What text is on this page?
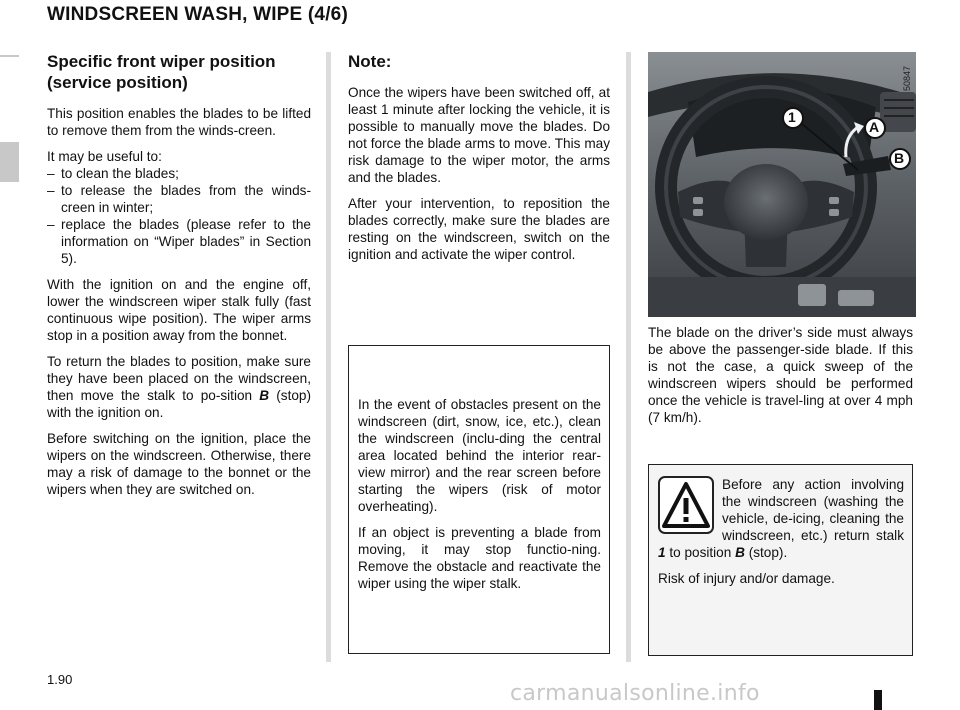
WINDSCREEN WASH, WIPE (4/6)
Specific front wiper position (service position)

This position enables the blades to be lifted to remove them from the winds-creen.

It may be useful to:

– to clean the blades;
– to release the blades from the winds-creen in winter;
– replace the blades (please refer to the information on “Wiper blades” in Section 5).

With the ignition on and the engine off, lower the windscreen wiper stalk fully (fast continuous wipe position). The wiper arms stop in a position away from the bonnet.

To return the blades to position, make sure they have been placed on the windscreen, then move the stalk to po-sition B (stop) with the ignition on.

Before switching on the ignition, place the wipers on the windscreen. Otherwise, there may a risk of damage to the bonnet or the wipers when they are switched on.

Note:

Once the wipers have been switched off, at least 1 minute after locking the vehicle, it is possible to manually move the blades. Do not force the blade arms to move. This may risk damage to the wiper motor, the arms and the blades.

After your intervention, to reposition the blades correctly, make sure the blades are resting on the windscreen, switch on the ignition and activate the wiper control.

In the event of obstacles present on the windscreen (dirt, snow, ice, etc.), clean the windscreen (inclu-ding the central area located behind the interior rear-view mirror) and the rear screen before starting the wipers (risk of motor overheating).

If an object is preventing a blade from moving, it may stop functio-ning. Remove the obstacle and reactivate the wiper using the wiper stalk.

1
A
B
50847

The blade on the driver’s side must always be above the passenger-side blade. If this is not the case, a quick sweep of the windscreen wipers should be performed once the vehicle is travel-ling at over 4 mph (7 km/h).

Before any action involving the windscreen (washing the vehicle, de-icing, cleaning the windscreen, etc.) return stalk 1 to position B (stop).

Risk of injury and/or damage.

1.90
carmanualsonline.info
